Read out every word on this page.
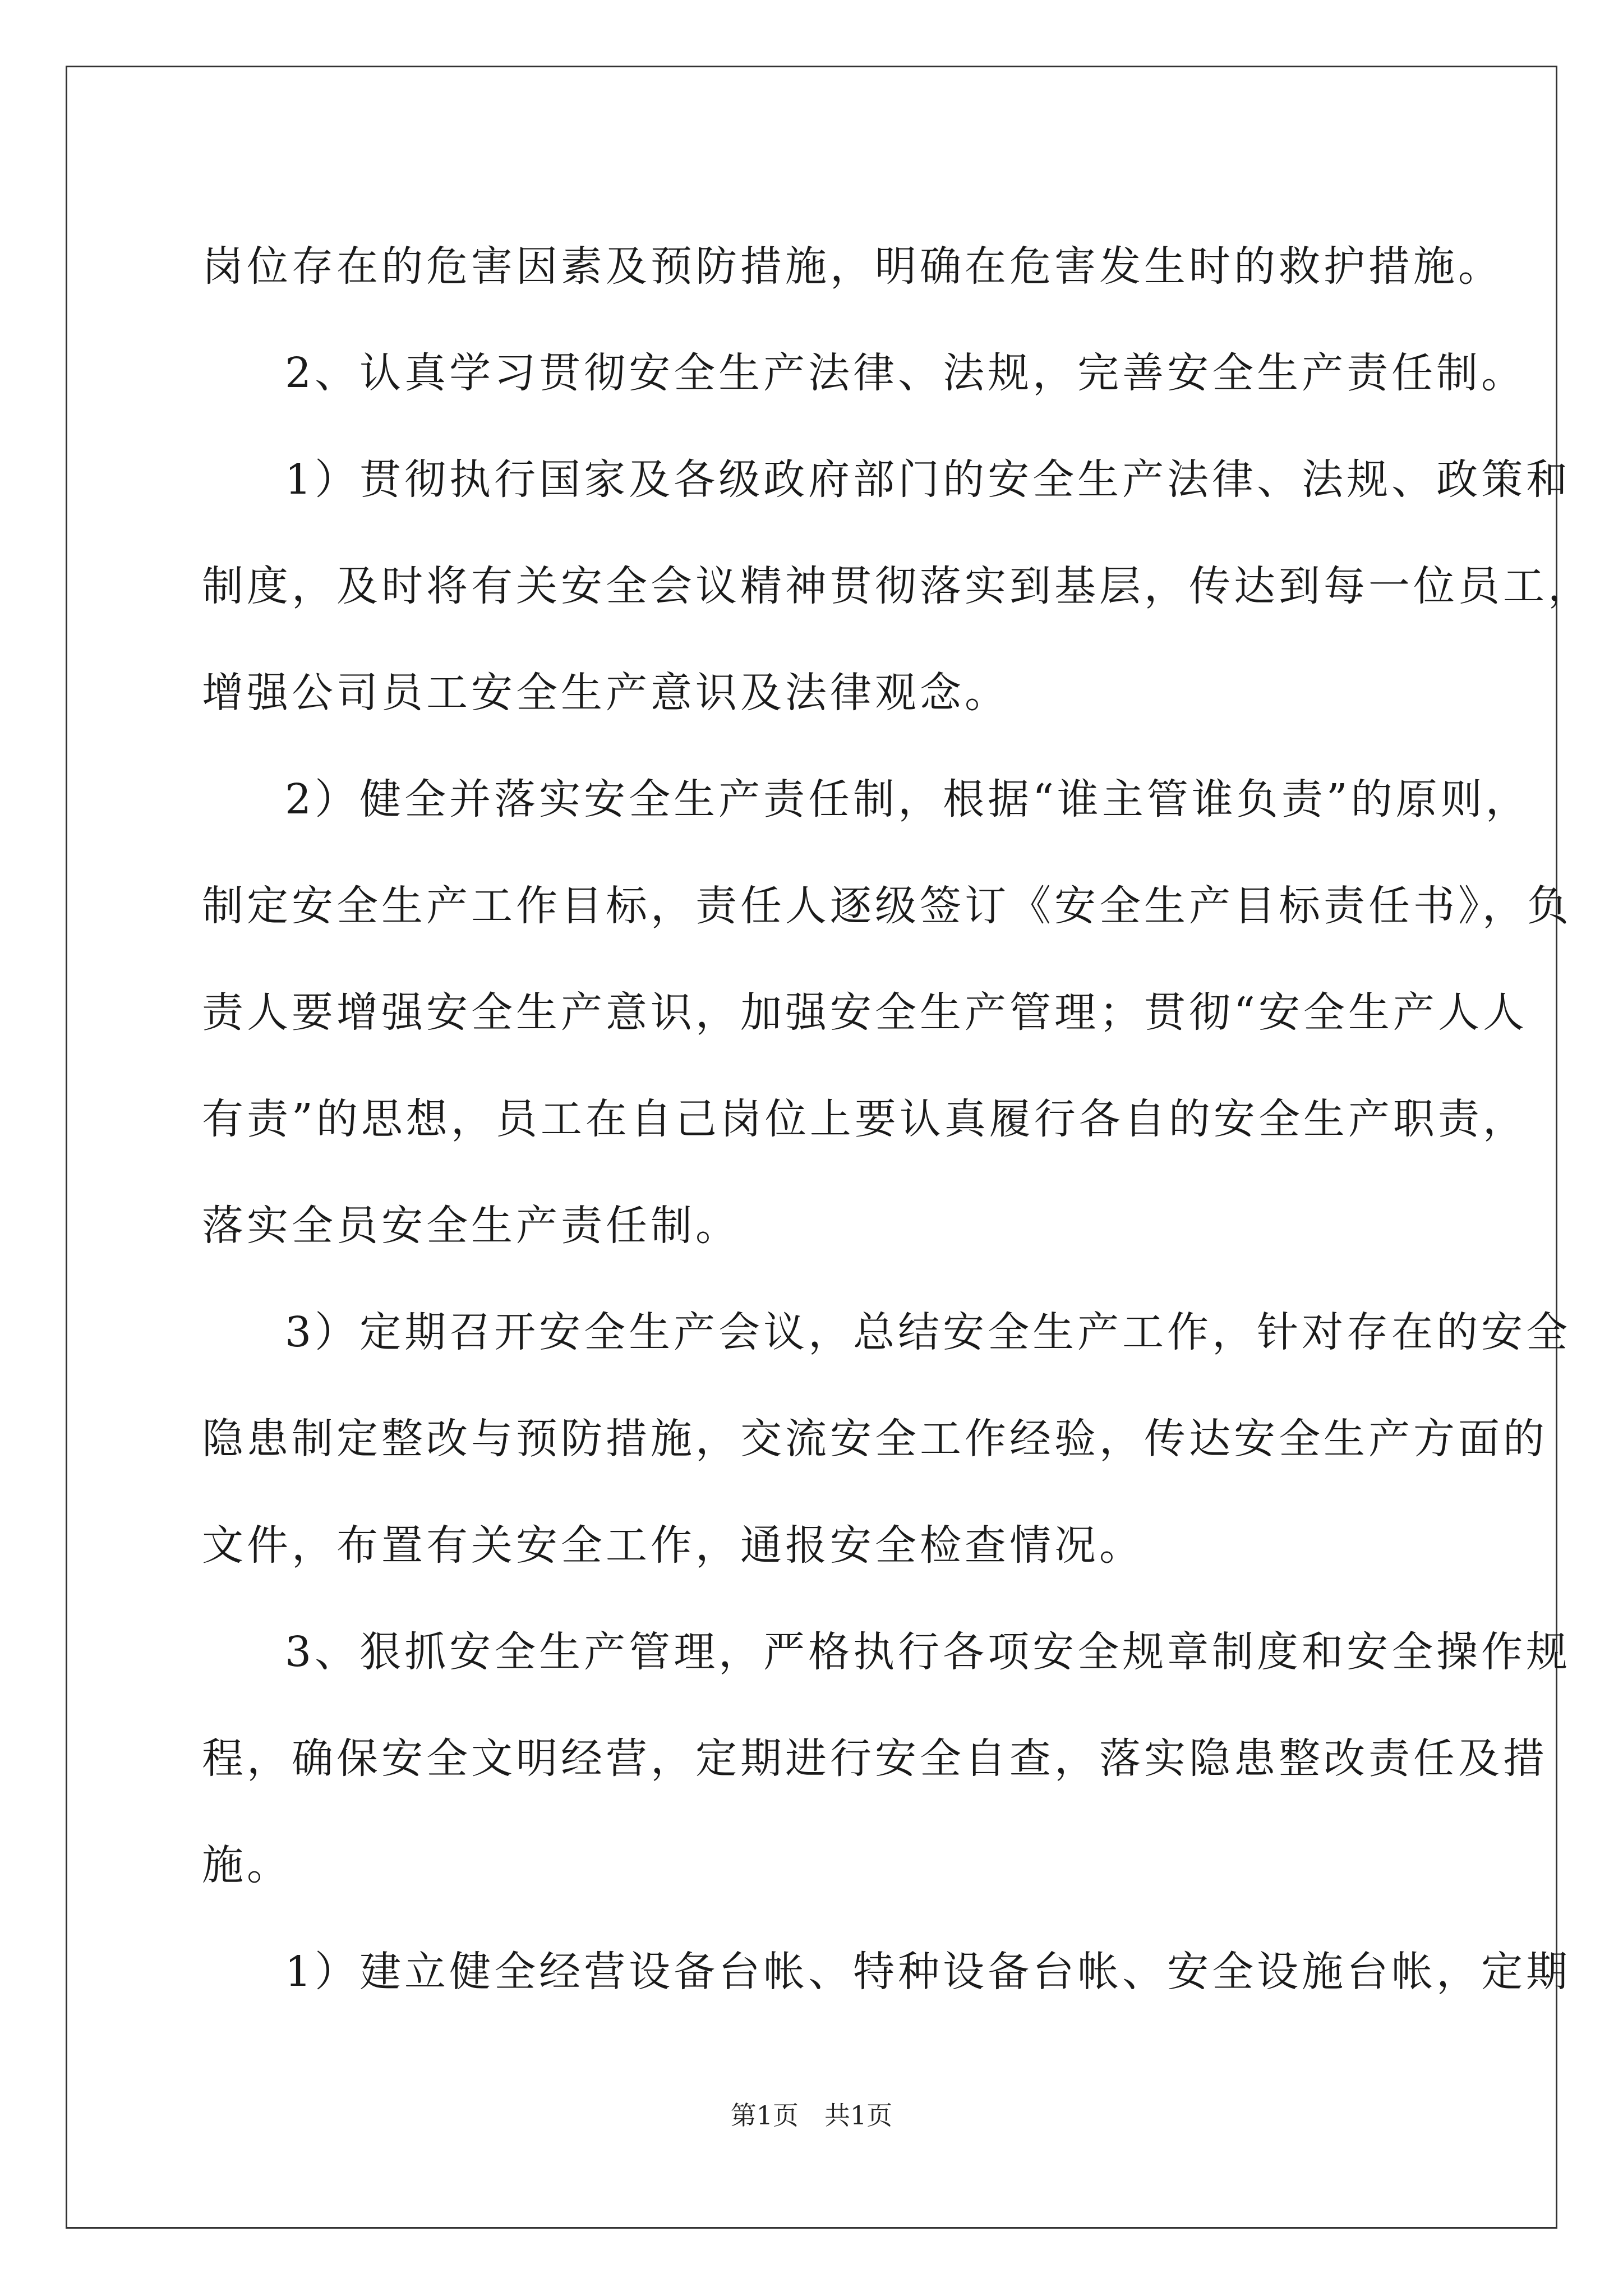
岗位存在的危害因素及预防措施，明确在危害发生时的救护措施。
2、认真学习贯彻安全生产法律、法规，完善安全生产责任制。
1）贯彻执行国家及各级政府部门的安全生产法律、法规、政策和
制度，及时将有关安全会议精神贯彻落实到基层，传达到每一位员工，
增强公司员工安全生产意识及法律观念。
2）健全并落实安全生产责任制，根据“谁主管谁负责”的原则，
制定安全生产工作目标，责任人逐级签订《安全生产目标责任书》，负
责人要增强安全生产意识，加强安全生产管理；贯彻“安全生产人人
有责”的思想，员工在自己岗位上要认真履行各自的安全生产职责，
落实全员安全生产责任制。
3）定期召开安全生产会议，总结安全生产工作，针对存在的安全
隐患制定整改与预防措施，交流安全工作经验，传达安全生产方面的
文件，布置有关安全工作，通报安全检查情况。
3、狠抓安全生产管理，严格执行各项安全规章制度和安全操作规
程，确保安全文明经营，定期进行安全自查，落实隐患整改责任及措
施。
1）建立健全经营设备台帐、特种设备台帐、安全设施台帐，定期

第1页　共1页
